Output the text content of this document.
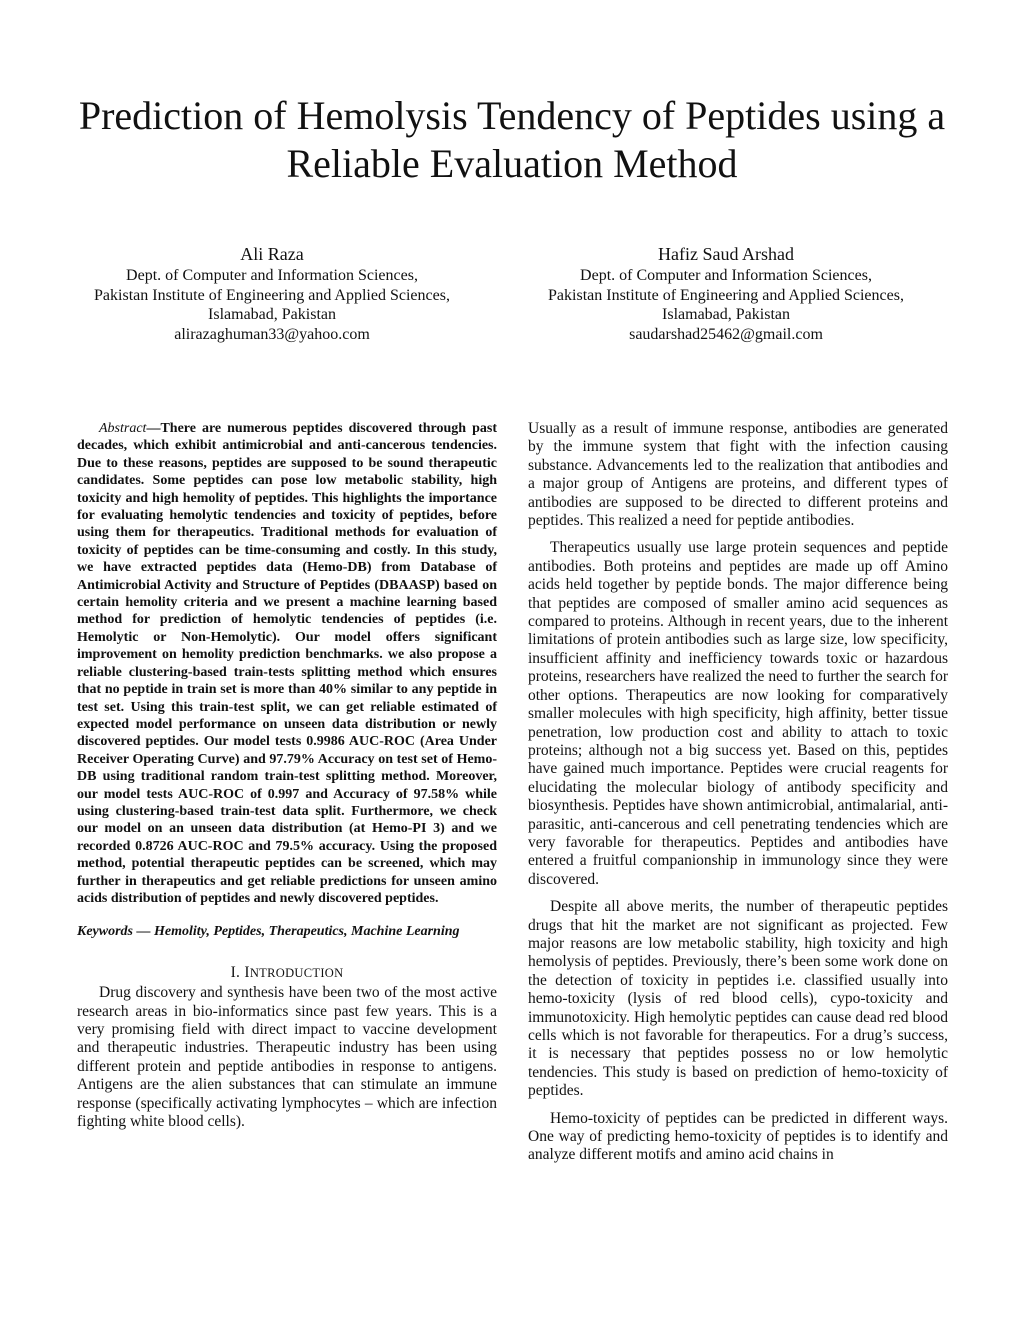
Prediction of Hemolysis Tendency of Peptides using a
Reliable Evaluation Method
Ali Raza
Dept. of Computer and Information Sciences,
Pakistan Institute of Engineering and Applied Sciences,
Islamabad, Pakistan
alirazaghuman33@yahoo.com
Hafiz Saud Arshad
Dept. of Computer and Information Sciences,
Pakistan Institute of Engineering and Applied Sciences,
Islamabad, Pakistan
saudarshad25462@gmail.com

Abstract—There are numerous peptides discovered through past decades, which exhibit antimicrobial and anti-cancerous tendencies. Due to these reasons, peptides are supposed to be sound therapeutic candidates. Some peptides can pose low metabolic stability, high toxicity and high hemolity of peptides. This highlights the importance for evaluating hemolytic tendencies and toxicity of peptides, before using them for therapeutics. Traditional methods for evaluation of toxicity of peptides can be time-consuming and costly. In this study, we have extracted peptides data (Hemo-DB) from Database of Antimicrobial Activity and Structure of Peptides (DBAASP) based on certain hemolity criteria and we present a machine learning based method for prediction of hemolytic tendencies of peptides (i.e. Hemolytic or Non-Hemolytic). Our model offers significant improvement on hemolity prediction benchmarks. we also propose a reliable clustering-based train-tests splitting method which ensures that no peptide in train set is more than 40% similar to any peptide in test set. Using this train-test split, we can get reliable estimated of expected model performance on unseen data distribution or newly discovered peptides. Our model tests 0.9986 AUC-ROC (Area Under Receiver Operating Curve) and 97.79% Accuracy on test set of Hemo-DB using traditional random train-test splitting method. Moreover, our model tests AUC-ROC of 0.997 and Accuracy of 97.58% while using clustering-based train-test data split. Furthermore, we check our model on an unseen data distribution (at Hemo-PI 3) and we recorded 0.8726 AUC-ROC and 79.5% accuracy. Using the proposed method, potential therapeutic peptides can be screened, which may further in therapeutics and get reliable predictions for unseen amino acids distribution of peptides and newly discovered peptides.

Keywords — Hemolity, Peptides, Therapeutics, Machine Learning

I. INTRODUCTION

Drug discovery and synthesis have been two of the most active research areas in bio-informatics since past few years. This is a very promising field with direct impact to vaccine development and therapeutic industries. Therapeutic industry has been using different protein and peptide antibodies in response to antigens. Antigens are the alien substances that can stimulate an immune response (specifically activating lymphocytes – which are infection fighting white blood cells).

Usually as a result of immune response, antibodies are generated by the immune system that fight with the infection causing substance. Advancements led to the realization that antibodies and a major group of Antigens are proteins, and different types of antibodies are supposed to be directed to different proteins and peptides. This realized a need for peptide antibodies.

Therapeutics usually use large protein sequences and peptide antibodies. Both proteins and peptides are made up off Amino acids held together by peptide bonds. The major difference being that peptides are composed of smaller amino acid sequences as compared to proteins. Although in recent years, due to the inherent limitations of protein antibodies such as large size, low specificity, insufficient affinity and inefficiency towards toxic or hazardous proteins, researchers have realized the need to further the search for other options. Therapeutics are now looking for comparatively smaller molecules with high specificity, high affinity, better tissue penetration, low production cost and ability to attach to toxic proteins; although not a big success yet. Based on this, peptides have gained much importance. Peptides were crucial reagents for elucidating the molecular biology of antibody specificity and biosynthesis. Peptides have shown antimicrobial, antimalarial, anti-parasitic, anti-cancerous and cell penetrating tendencies which are very favorable for therapeutics. Peptides and antibodies have entered a fruitful companionship in immunology since they were discovered.

Despite all above merits, the number of therapeutic peptides drugs that hit the market are not significant as projected. Few major reasons are low metabolic stability, high toxicity and high hemolysis of peptides. Previously, there’s been some work done on the detection of toxicity in peptides i.e. classified usually into hemo-toxicity (lysis of red blood cells), cypo-toxicity and immunotoxicity. High hemolytic peptides can cause dead red blood cells which is not favorable for therapeutics. For a drug’s success, it is necessary that peptides possess no or low hemolytic tendencies. This study is based on prediction of hemo-toxicity of peptides.

Hemo-toxicity of peptides can be predicted in different ways. One way of predicting hemo-toxicity of peptides is to identify and analyze different motifs and amino acid chains in
